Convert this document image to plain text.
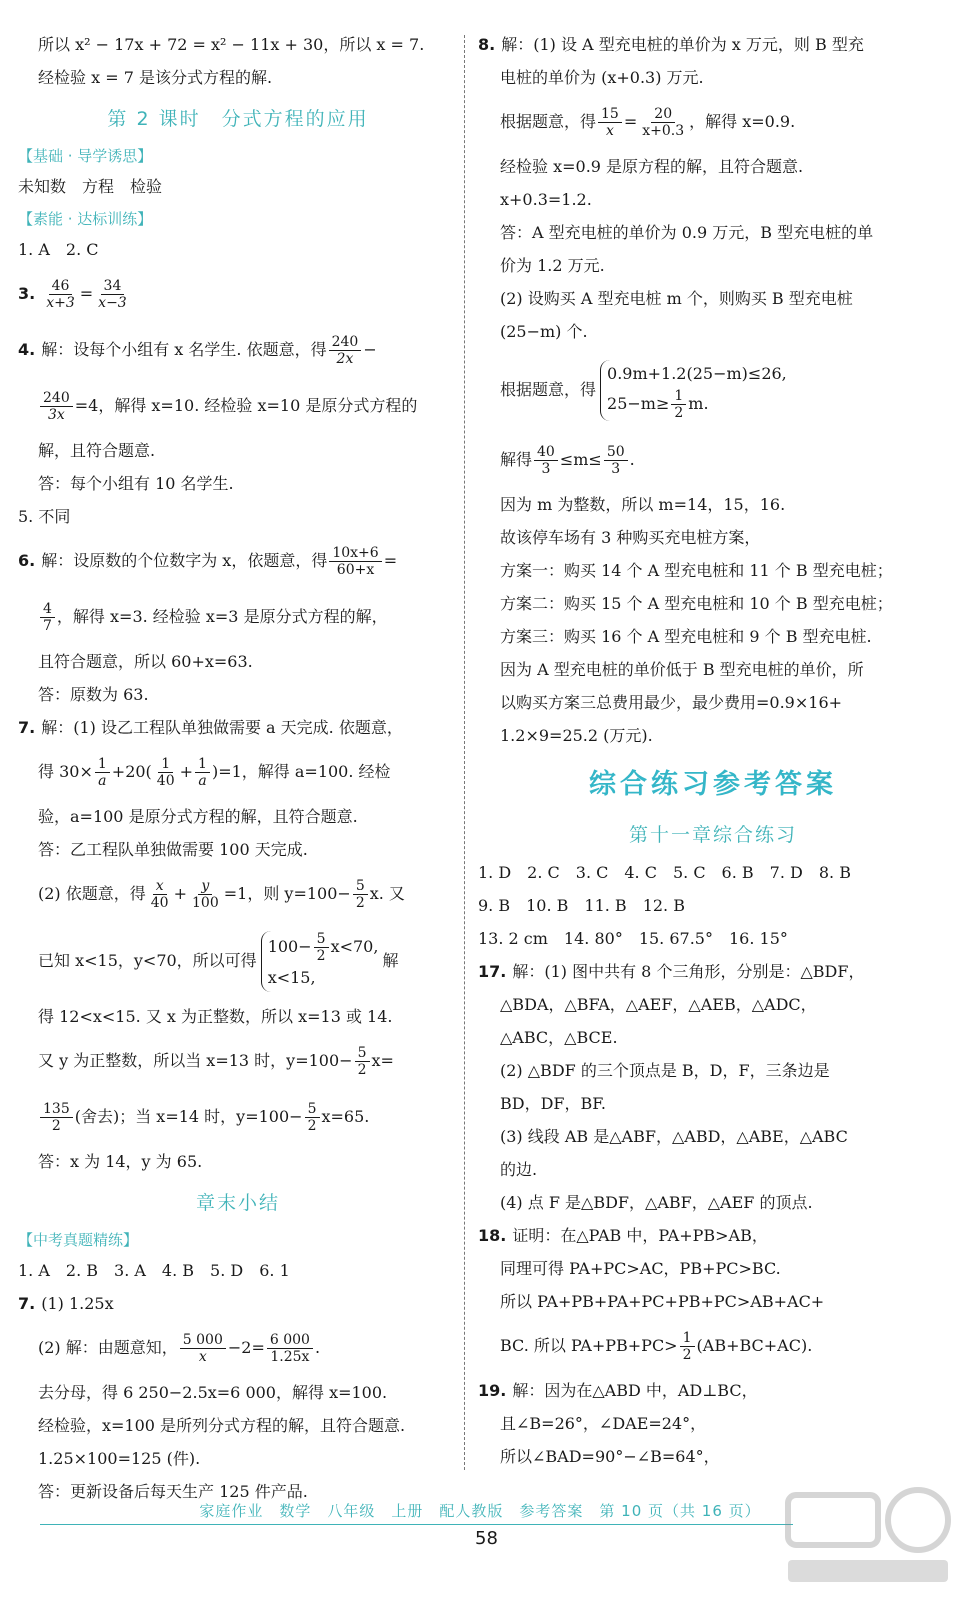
所以 x² − 17x + 72 = x² − 11x + 30，所以 x = 7.
经检验 x = 7 是该分式方程的解.
第 2 课时　分式方程的应用
【基础 · 导学诱思】
未知数　方程　检验
【素能 · 达标训练】
1. A　2. C
3. $\frac{46}{x+3} = \frac{34}{x-3}$
4. 解：设每个小组有 x 名学生. 依题意，得 $\frac{240}{2x}$ −
$\frac{240}{3x} =4$，解得 x=10. 经检验 x=10 是原分式方程的
解，且符合题意.
答：每个小组有 10 名学生.
5. 不同
6. 解：设原数的个位数字为 x，依题意，得 $\frac{10x+6}{60+x}$ =
$\frac{4}{7}$ ，解得 x=3. 经检验 x=3 是原分式方程的解，
且符合题意，所以 60+x=63.
答：原数为 63.
7. 解：(1) 设乙工程队单独做需要 a 天完成. 依题意，
得 $30\times \frac{1}{a} +20( \frac{1}{40} + \frac{1}{a} )=1$，解得 a=100. 经检
验，a=100 是原分式方程的解，且符合题意.
答：乙工程队单独做需要 100 天完成.
(2) 依题意，得 $\frac{x}{40} + \frac{y}{100} =1$，则 $y=100- \frac{5}{2} x$. 又
已知 x<15，y<70，所以可得
$100- \frac{5}{2} x<70$,
x<15,
解
得 12<x<15. 又 x 为正整数，所以 x=13 或 14.
又 y 为正整数，所以当 x=13 时，$y=100- \frac{5}{2} x=$
$\frac{135}{2}$ (舍去)；当 x=14 时，$y=100- \frac{5}{2} x=65$.
答：x 为 14，y 为 65.
章末小结
【中考真题精练】
1. A　2. B　3. A　4. B　5. D　6. 1
7. (1) 1.25x
(2) 解：由题意知， $\frac{5 000}{x} -2= \frac{6 000}{1.25x}$ .
去分母，得 6 250−2.5x=6 000，解得 x=100.
经检验，x=100 是所列分式方程的解，且符合题意.
1.25×100=125 (件).
答：更新设备后每天生产 125 件产品.
8. 解：(1) 设 A 型充电桩的单价为 x 万元，则 B 型充
电桩的单价为 (x+0.3) 万元.
根据题意，得 $\frac{15}{x} = \frac{20}{x+0.3}$ ，解得 x=0.9.
经检验 x=0.9 是原方程的解，且符合题意.
x+0.3=1.2.
答：A 型充电桩的单价为 0.9 万元，B 型充电桩的单
价为 1.2 万元.
(2) 设购买 A 型充电桩 m 个，则购买 B 型充电桩
(25−m) 个.
根据题意，得
0.9m+1.2(25−m)≤26,
$25-m\ge \frac{1}{2} m$.
解得 $\frac{40}{3} \le m\le \frac{50}{3}$ .
因为 m 为整数，所以 m=14，15，16.
故该停车场有 3 种购买充电桩方案，
方案一：购买 14 个 A 型充电桩和 11 个 B 型充电桩；
方案二：购买 15 个 A 型充电桩和 10 个 B 型充电桩；
方案三：购买 16 个 A 型充电桩和 9 个 B 型充电桩.
因为 A 型充电桩的单价低于 B 型充电桩的单价，所
以购买方案三总费用最少，最少费用=0.9×16+
1.2×9=25.2 (万元).
综合练习参考答案
第十一章综合练习
1. D　2. C　3. C　4. C　5. C　6. B　7. D　8. B
9. B　10. B　11. B　12. B
13. 2 cm　14. 80°　15. 67.5°　16. 15°
17. 解：(1) 图中共有 8 个三角形，分别是：△BDF，
△BDA，△BFA，△AEF，△AEB，△ADC，
△ABC，△BCE.
(2) △BDF 的三个顶点是 B，D，F，三条边是
BD，DF，BF.
(3) 线段 AB 是△ABF，△ABD，△ABE，△ABC
的边.
(4) 点 F 是△BDF，△ABF，△AEF 的顶点.
18. 证明：在△PAB 中，PA+PB>AB，
同理可得 PA+PC>AC，PB+PC>BC.
所以 PA+PB+PA+PC+PB+PC>AB+AC+
BC. 所以 $PA+PB+PC> \frac{1}{2} (AB+BC+AC)$.
19. 解：因为在△ABD 中，AD⊥BC，
且∠B=26°，∠DAE=24°，
所以∠BAD=90°−∠B=64°，
家庭作业　数学　八年级　上册　配人教版　参考答案　第 10 页（共 16 页）
58
